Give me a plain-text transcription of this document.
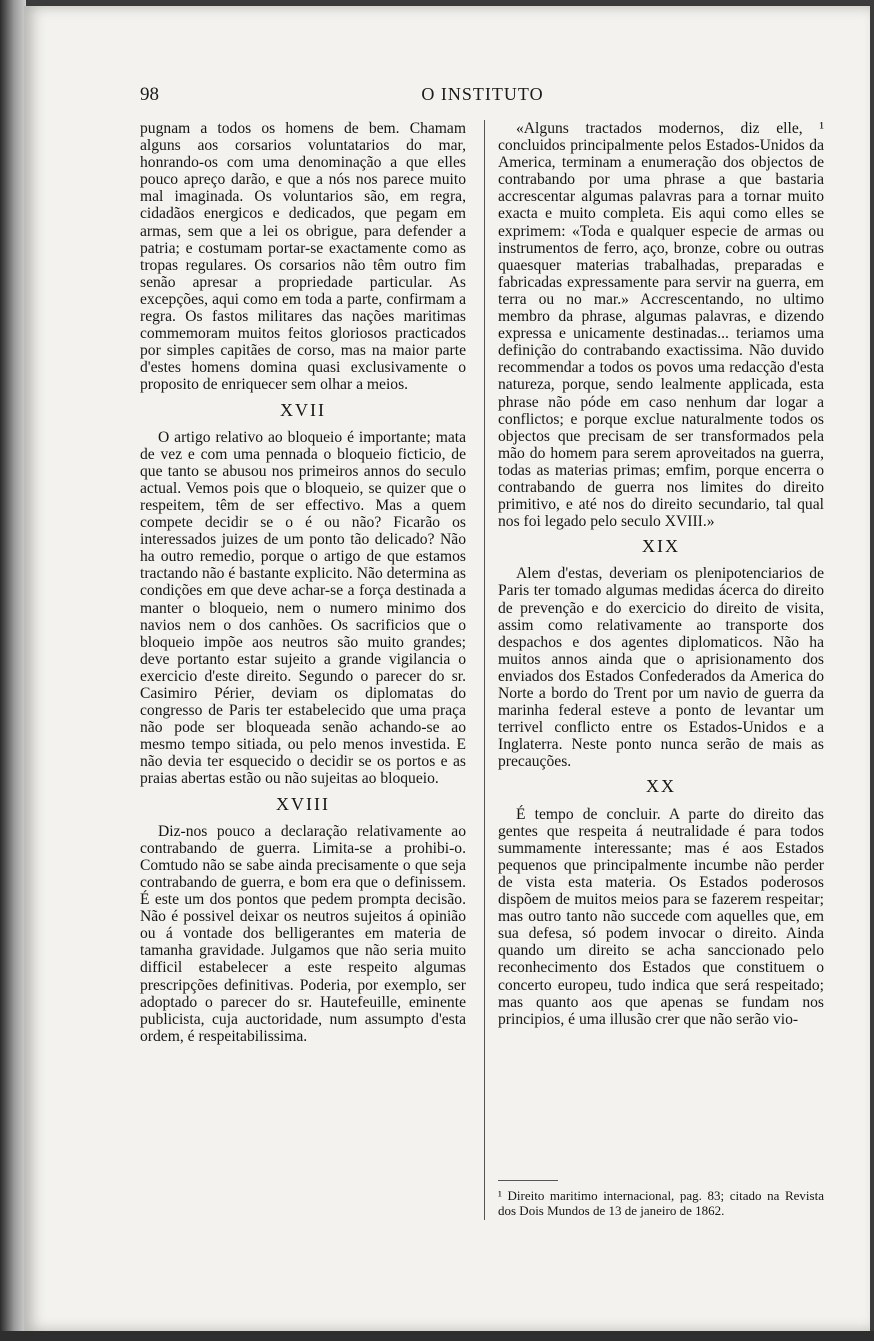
98	O INSTITUTO

pugnam a todos os homens de bem. Chamam alguns aos corsarios voluntatarios do mar, honrando-os com uma denominação a que elles pouco apreço darão, e que a nós nos parece muito mal imaginada. Os voluntarios são, em regra, cidadãos energicos e dedicados, que pegam em armas, sem que a lei os obrigue, para defender a patria; e costumam portar-se exactamente como as tropas regulares. Os corsarios não têm outro fim senão apresar a propriedade particular. As excepções, aqui como em toda a parte, confirmam a regra. Os fastos militares das nações maritimas commemoram muitos feitos gloriosos practicados por simples capitães de corso, mas na maior parte d'estes homens domina quasi exclusivamente o proposito de enriquecer sem olhar a meios.

XVII

O artigo relativo ao bloqueio é importante; mata de vez e com uma pennada o bloqueio ficticio, de que tanto se abusou nos primeiros annos do seculo actual. Vemos pois que o bloqueio, se quizer que o respeitem, têm de ser effectivo. Mas a quem compete decidir se o é ou não? Ficarão os interessados juizes de um ponto tão delicado? Não ha outro remedio, porque o artigo de que estamos tractando não é bastante explicito. Não determina as condições em que deve achar-se a força destinada a manter o bloqueio, nem o numero minimo dos navios nem o dos canhões. Os sacrificios que o bloqueio impõe aos neutros são muito grandes; deve portanto estar sujeito a grande vigilancia o exercicio d'este direito. Segundo o parecer do sr. Casimiro Périer, deviam os diplomatas do congresso de Paris ter estabelecido que uma praça não pode ser bloqueada senão achando-se ao mesmo tempo sitiada, ou pelo menos investida. E não devia ter esquecido o decidir se os portos e as praias abertas estão ou não sujeitas ao bloqueio.

XVIII

Diz-nos pouco a declaração relativamente ao contrabando de guerra. Limita-se a prohibi-o. Comtudo não se sabe ainda precisamente o que seja contrabando de guerra, e bom era que o definissem. É este um dos pontos que pedem prompta decisão. Não é possivel deixar os neutros sujeitos á opinião ou á vontade dos belligerantes em materia de tamanha gravidade. Julgamos que não seria muito difficil estabelecer a este respeito algumas prescripções definitivas. Poderia, por exemplo, ser adoptado o parecer do sr. Hautefeuille, eminente publicista, cuja auctoridade, num assumpto d'esta ordem, é respeitabilissima.

«Alguns tractados modernos, diz elle, ¹ concluidos principalmente pelos Estados-Unidos da America, terminam a enumeração dos objectos de contrabando por uma phrase a que bastaria accrescentar algumas palavras para a tornar muito exacta e muito completa. Eis aqui como elles se exprimem: «Toda e qualquer especie de armas ou instrumentos de ferro, aço, bronze, cobre ou outras quaesquer materias trabalhadas, preparadas e fabricadas expressamente para servir na guerra, em terra ou no mar.» Accrescentando, no ultimo membro da phrase, algumas palavras, e dizendo expressa e unicamente destinadas... teriamos uma definição do contrabando exactissima. Não duvido recommendar a todos os povos uma redacção d'esta natureza, porque, sendo lealmente applicada, esta phrase não póde em caso nenhum dar logar a conflictos; e porque exclue naturalmente todos os objectos que precisam de ser transformados pela mão do homem para serem aproveitados na guerra, todas as materias primas; emfim, porque encerra o contrabando de guerra nos limites do direito primitivo, e até nos do direito secundario, tal qual nos foi legado pelo seculo XVIII.»

XIX

Alem d'estas, deveriam os plenipotenciarios de Paris ter tomado algumas medidas ácerca do direito de prevenção e do exercicio do direito de visita, assim como relativamente ao transporte dos despachos e dos agentes diplomaticos. Não ha muitos annos ainda que o aprisionamento dos enviados dos Estados Confederados da America do Norte a bordo do Trent por um navio de guerra da marinha federal esteve a ponto de levantar um terrivel conflicto entre os Estados-Unidos e a Inglaterra. Neste ponto nunca serão de mais as precauções.

XX

É tempo de concluir. A parte do direito das gentes que respeita á neutralidade é para todos summamente interessante; mas é aos Estados pequenos que principalmente incumbe não perder de vista esta materia. Os Estados poderosos dispõem de muitos meios para se fazerem respeitar; mas outro tanto não succede com aquelles que, em sua defesa, só podem invocar o direito. Ainda quando um direito se acha sanccionado pelo reconhecimento dos Estados que constituem o concerto europeu, tudo indica que será respeitado; mas quanto aos que apenas se fundam nos principios, é uma illusão crer que não serão vio-

¹ Direito maritimo internacional, pag. 83; citado na Revista dos Dois Mundos de 13 de janeiro de 1862.
